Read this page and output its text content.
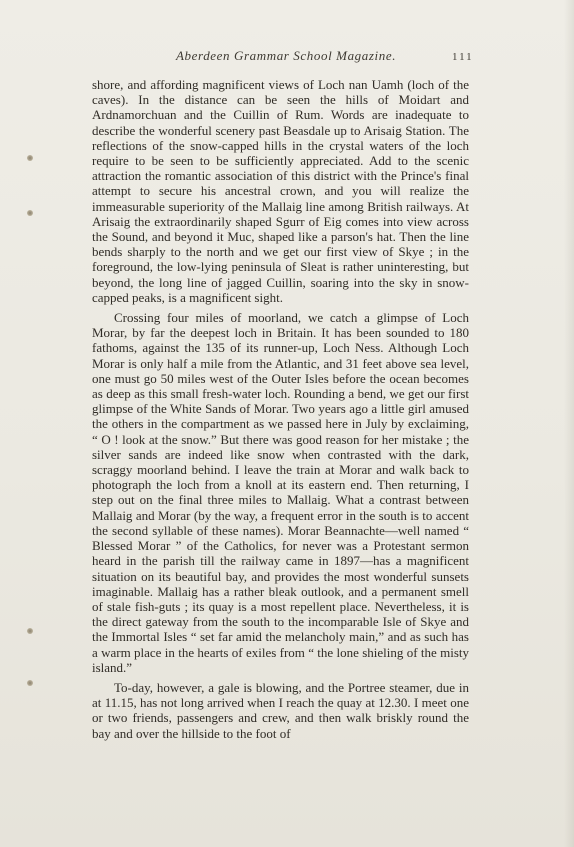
Aberdeen Grammar School Magazine.	111

shore, and affording magnificent views of Loch nan Uamh (loch of the caves). In the distance can be seen the hills of Moidart and Ardnamorchuan and the Cuillin of Rum. Words are inadequate to describe the wonderful scenery past Beasdale up to Arisaig Station. The reflections of the snow-capped hills in the crystal waters of the loch require to be seen to be sufficiently appreciated. Add to the scenic attraction the romantic association of this district with the Prince's final attempt to secure his ancestral crown, and you will realize the immeasurable superiority of the Mallaig line among British railways. At Arisaig the extraordinarily shaped Sgurr of Eig comes into view across the Sound, and beyond it Muc, shaped like a parson's hat. Then the line bends sharply to the north and we get our first view of Skye ; in the foreground, the low-lying peninsula of Sleat is rather uninteresting, but beyond, the long line of jagged Cuillin, soaring into the sky in snow-capped peaks, is a magnificent sight.

Crossing four miles of moorland, we catch a glimpse of Loch Morar, by far the deepest loch in Britain. It has been sounded to 180 fathoms, against the 135 of its runner-up, Loch Ness. Although Loch Morar is only half a mile from the Atlantic, and 31 feet above sea level, one must go 50 miles west of the Outer Isles before the ocean becomes as deep as this small fresh-water loch. Rounding a bend, we get our first glimpse of the White Sands of Morar. Two years ago a little girl amused the others in the compartment as we passed here in July by exclaiming, “ O ! look at the snow.” But there was good reason for her mistake ; the silver sands are indeed like snow when contrasted with the dark, scraggy moorland behind. I leave the train at Morar and walk back to photograph the loch from a knoll at its eastern end. Then returning, I step out on the final three miles to Mallaig. What a contrast between Mallaig and Morar (by the way, a frequent error in the south is to accent the second syllable of these names). Morar Beannachte—well named “ Blessed Morar ” of the Catholics, for never was a Protestant sermon heard in the parish till the railway came in 1897—has a magnificent situation on its beautiful bay, and provides the most wonderful sunsets imaginable. Mallaig has a rather bleak outlook, and a permanent smell of stale fish-guts ; its quay is a most repellent place. Nevertheless, it is the direct gateway from the south to the incomparable Isle of Skye and the Immortal Isles “ set far amid the melancholy main,” and as such has a warm place in the hearts of exiles from “ the lone shieling of the misty island.”

To-day, however, a gale is blowing, and the Portree steamer, due in at 11.15, has not long arrived when I reach the quay at 12.30. I meet one or two friends, passengers and crew, and then walk briskly round the bay and over the hillside to the foot of
